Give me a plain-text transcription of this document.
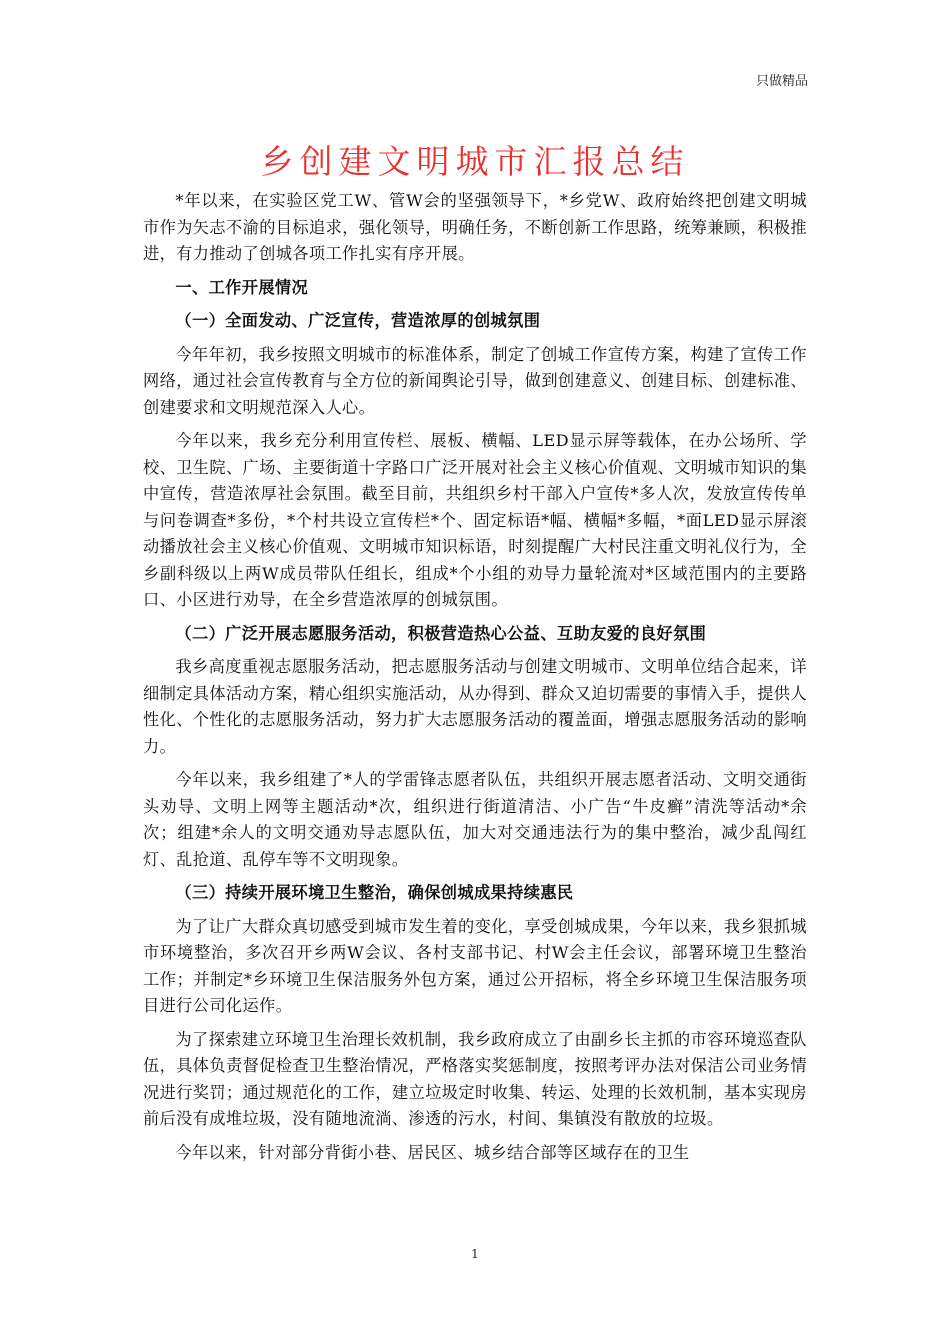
只做精品
乡创建文明城市汇报总结

*年以来，在实验区党工W、管W会的坚强领导下，*乡党W、政府始终把创建文明城市作为矢志不渝的目标追求，强化领导，明确任务，不断创新工作思路，统筹兼顾，积极推进，有力推动了创城各项工作扎实有序开展。

一、工作开展情况

（一）全面发动、广泛宣传，营造浓厚的创城氛围

今年年初，我乡按照文明城市的标准体系，制定了创城工作宣传方案，构建了宣传工作网络，通过社会宣传教育与全方位的新闻舆论引导，做到创建意义、创建目标、创建标准、创建要求和文明规范深入人心。

今年以来，我乡充分利用宣传栏、展板、横幅、LED显示屏等载体，在办公场所、学校、卫生院、广场、主要街道十字路口广泛开展对社会主义核心价值观、文明城市知识的集中宣传，营造浓厚社会氛围。截至目前，共组织乡村干部入户宣传*多人次，发放宣传传单与问卷调查*多份，*个村共设立宣传栏*个、固定标语*幅、横幅*多幅，*面LED显示屏滚动播放社会主义核心价值观、文明城市知识标语，时刻提醒广大村民注重文明礼仪行为，全乡副科级以上两W成员带队任组长，组成*个小组的劝导力量轮流对*区域范围内的主要路口、小区进行劝导，在全乡营造浓厚的创城氛围。

（二）广泛开展志愿服务活动，积极营造热心公益、互助友爱的良好氛围

我乡高度重视志愿服务活动，把志愿服务活动与创建文明城市、文明单位结合起来，详细制定具体活动方案，精心组织实施活动，从办得到、群众又迫切需要的事情入手，提供人性化、个性化的志愿服务活动，努力扩大志愿服务活动的覆盖面，增强志愿服务活动的影响力。

今年以来，我乡组建了*人的学雷锋志愿者队伍，共组织开展志愿者活动、文明交通街头劝导、文明上网等主题活动*次，组织进行街道清洁、小广告“牛皮癣”清洗等活动*余次；组建*余人的文明交通劝导志愿队伍，加大对交通违法行为的集中整治，减少乱闯红灯、乱抢道、乱停车等不文明现象。

（三）持续开展环境卫生整治，确保创城成果持续惠民

为了让广大群众真切感受到城市发生着的变化，享受创城成果，今年以来，我乡狠抓城市环境整治，多次召开乡两W会议、各村支部书记、村W会主任会议，部署环境卫生整治工作；并制定*乡环境卫生保洁服务外包方案，通过公开招标，将全乡环境卫生保洁服务项目进行公司化运作。

为了探索建立环境卫生治理长效机制，我乡政府成立了由副乡长主抓的市容环境巡查队伍，具体负责督促检查卫生整治情况，严格落实奖惩制度，按照考评办法对保洁公司业务情况进行奖罚；通过规范化的工作，建立垃圾定时收集、转运、处理的长效机制，基本实现房前后没有成堆垃圾，没有随地流淌、渗透的污水，村间、集镇没有散放的垃圾。

今年以来，针对部分背街小巷、居民区、城乡结合部等区域存在的卫生

1
